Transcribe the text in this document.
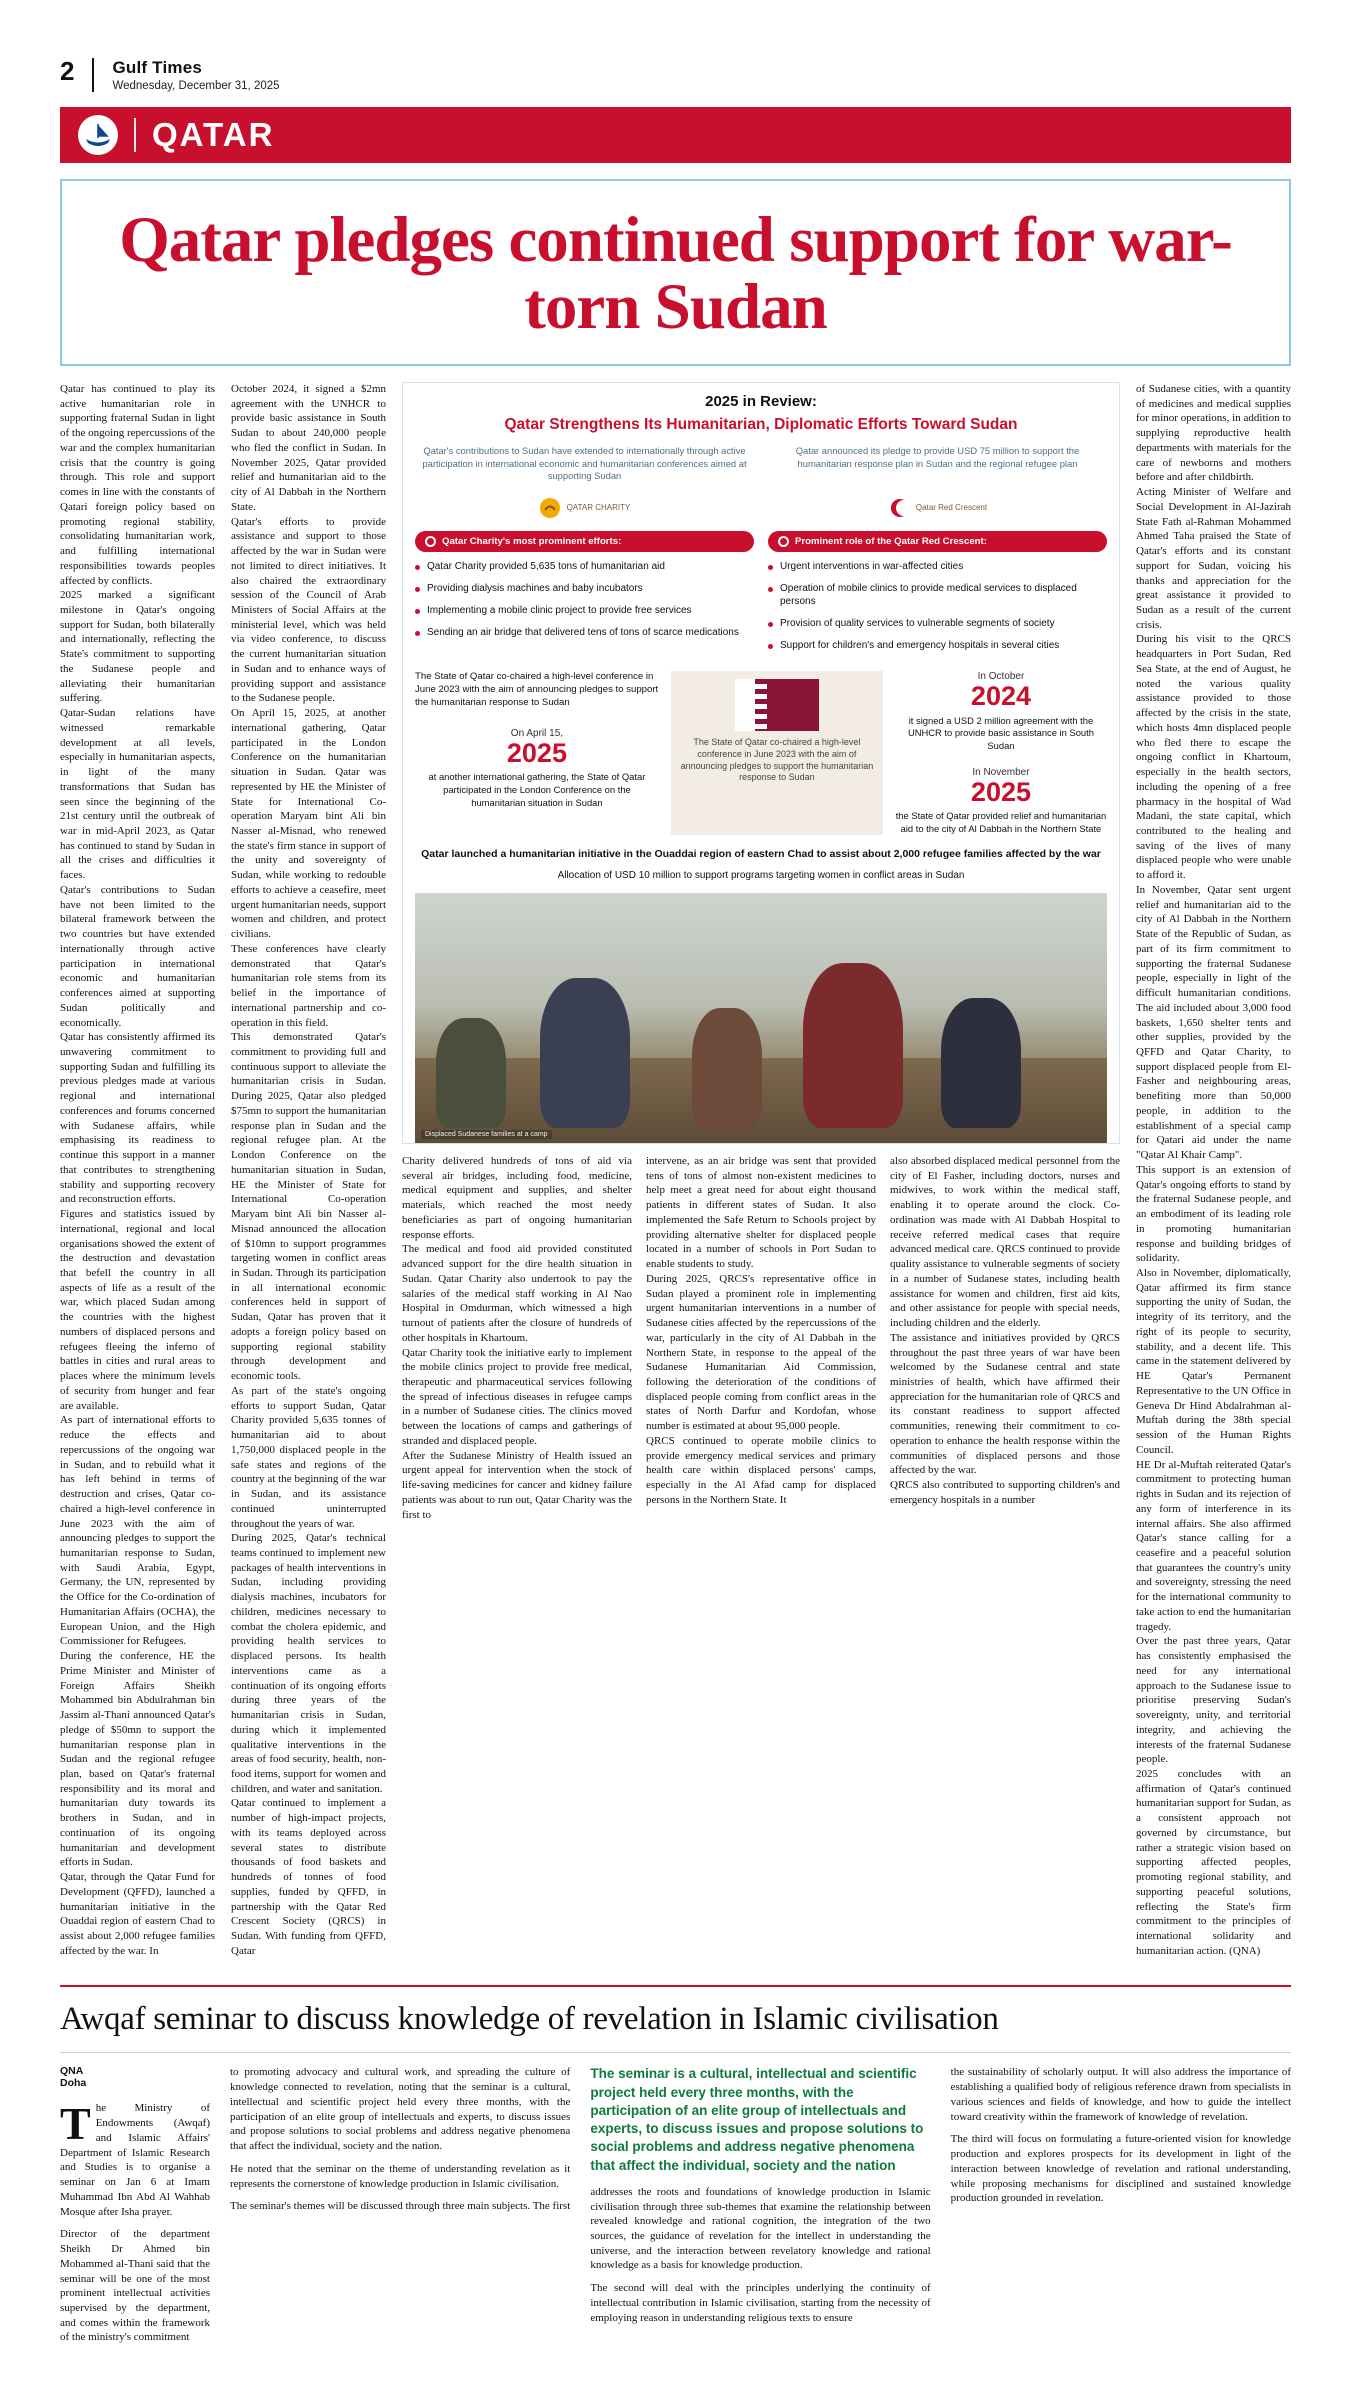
2 Gulf Times
Wednesday, December 31, 2025
QATAR
Qatar pledges continued support for war-torn Sudan

Qatar has continued to play its active humanitarian role in supporting fraternal Sudan in light of the ongoing repercussions of the war and the complex humanitarian crisis that the country is going through. This role and support comes in line with the constants of Qatari foreign policy based on promoting regional stability, consolidating humanitarian work, and fulfilling international responsibilities towards peoples affected by conflicts.

2025 marked a significant milestone in Qatar's ongoing support for Sudan, both bilaterally and internationally, reflecting the State's commitment to supporting the Sudanese people and alleviating their humanitarian suffering.

Qatar-Sudan relations have witnessed remarkable development at all levels, especially in humanitarian aspects, in light of the many transformations that Sudan has seen since the beginning of the 21st century until the outbreak of war in mid-April 2023, as Qatar has continued to stand by Sudan in all the crises and difficulties it faces.

Qatar's contributions to Sudan have not been limited to the bilateral framework between the two countries but have extended internationally through active participation in international economic and humanitarian conferences aimed at supporting Sudan politically and economically.

Qatar has consistently affirmed its unwavering commitment to supporting Sudan and fulfilling its previous pledges made at various regional and international conferences and forums concerned with Sudanese affairs, while emphasising its readiness to continue this support in a manner that contributes to strengthening stability and supporting recovery and reconstruction efforts.

Figures and statistics issued by international, regional and local organisations showed the extent of the destruction and devastation that befell the country in all aspects of life as a result of the war, which placed Sudan among the countries with the highest numbers of displaced persons and refugees fleeing the inferno of battles in cities and rural areas to places where the minimum levels of security from hunger and fear are available.

As part of international efforts to reduce the effects and repercussions of the ongoing war in Sudan, and to rebuild what it has left behind in terms of destruction and crises, Qatar co-chaired a high-level conference in June 2023 with the aim of announcing pledges to support the humanitarian response to Sudan, with Saudi Arabia, Egypt, Germany, the UN, represented by the Office for the Co-ordination of Humanitarian Affairs (OCHA), the European Union, and the High Commissioner for Refugees.

During the conference, HE the Prime Minister and Minister of Foreign Affairs Sheikh Mohammed bin Abdulrahman bin Jassim al-Thani announced Qatar's pledge of $50mn to support the humanitarian response plan in Sudan and the regional refugee plan, based on Qatar's fraternal responsibility and its moral and humanitarian duty towards its brothers in Sudan, and in continuation of its ongoing humanitarian and development efforts in Sudan.

Qatar, through the Qatar Fund for Development (QFFD), launched a humanitarian initiative in the Ouaddai region of eastern Chad to assist about 2,000 refugee families affected by the war. In

October 2024, it signed a $2mn agreement with the UNHCR to provide basic assistance in South Sudan to about 240,000 people who fled the conflict in Sudan. In November 2025, Qatar provided relief and humanitarian aid to the city of Al Dabbah in the Northern State.

Qatar's efforts to provide assistance and support to those affected by the war in Sudan were not limited to direct initiatives. It also chaired the extraordinary session of the Council of Arab Ministers of Social Affairs at the ministerial level, which was held via video conference, to discuss the current humanitarian situation in Sudan and to enhance ways of providing support and assistance to the Sudanese people.

On April 15, 2025, at another international gathering, Qatar participated in the London Conference on the humanitarian situation in Sudan. Qatar was represented by HE the Minister of State for International Co-operation Maryam bint Ali bin Nasser al-Misnad, who renewed the state's firm stance in support of the unity and sovereignty of Sudan, while working to redouble efforts to achieve a ceasefire, meet urgent humanitarian needs, support women and children, and protect civilians.

These conferences have clearly demonstrated that Qatar's humanitarian role stems from its belief in the importance of international partnership and co-operation in this field.

This demonstrated Qatar's commitment to providing full and continuous support to alleviate the humanitarian crisis in Sudan. During 2025, Qatar also pledged $75mn to support the humanitarian response plan in Sudan and the regional refugee plan. At the London Conference on the humanitarian situation in Sudan, HE the Minister of State for International Co-operation Maryam bint Ali bin Nasser al-Misnad announced the allocation of $10mn to support programmes targeting women in conflict areas in Sudan. Through its participation in all international economic conferences held in support of Sudan, Qatar has proven that it adopts a foreign policy based on supporting regional stability through development and economic tools.

As part of the state's ongoing efforts to support Sudan, Qatar Charity provided 5,635 tonnes of humanitarian aid to about 1,750,000 displaced people in the safe states and regions of the country at the beginning of the war in Sudan, and its assistance continued uninterrupted throughout the years of war.

During 2025, Qatar's technical teams continued to implement new packages of health interventions in Sudan, including providing dialysis machines, incubators for children, medicines necessary to combat the cholera epidemic, and providing health services to displaced persons. Its health interventions came as a continuation of its ongoing efforts during three years of the humanitarian crisis in Sudan, during which it implemented qualitative interventions in the areas of food security, health, non-food items, support for women and children, and water and sanitation.

Qatar continued to implement a number of high-impact projects, with its teams deployed across several states to distribute thousands of food baskets and hundreds of tonnes of food supplies, funded by QFFD, in partnership with the Qatar Red Crescent Society (QRCS) in Sudan. With funding from QFFD, Qatar

2025 in Review:
Qatar Strengthens Its Humanitarian, Diplomatic Efforts Toward Sudan
Qatar's contributions to Sudan have extended to internationally through active participation in international economic and humanitarian conferences aimed at supporting Sudan
Qatar announced its pledge to provide USD 75 million to support the humanitarian response plan in Sudan and the regional refugee plan
QATAR CHARITY	Qatar Red Crescent
Qatar Charity's most prominent efforts:	Prominent role of the Qatar Red Crescent:
Qatar Charity provided 5,635 tons of humanitarian aid
Providing dialysis machines and baby incubators
Implementing a mobile clinic project to provide free services
Sending an air bridge that delivered tens of tons of scarce medications
Urgent interventions in war-affected cities
Operation of mobile clinics to provide medical services to displaced persons
Provision of quality services to vulnerable segments of society
Support for children's and emergency hospitals in several cities
The State of Qatar co-chaired a high-level conference in June 2023 with the aim of announcing pledges to support the humanitarian response to Sudan
On April 15,
2025
at another international gathering, the State of Qatar participated in the London Conference on the humanitarian situation in Sudan
The State of Qatar co-chaired a high-level conference in June 2023 with the aim of announcing pledges to support the humanitarian response to Sudan
In October
2024
it signed a USD 2 million agreement with the UNHCR to provide basic assistance in South Sudan
In November
2025
the State of Qatar provided relief and humanitarian aid to the city of Al Dabbah in the Northern State
Qatar launched a humanitarian initiative in the Ouaddai region of eastern Chad to assist about 2,000 refugee families affected by the war
Allocation of USD 10 million to support programs targeting women in conflict areas in Sudan
Displaced Sudanese families at a camp

Charity delivered hundreds of tons of aid via several air bridges, including food, medicine, medical equipment and supplies, and shelter materials, which reached the most needy beneficiaries as part of ongoing humanitarian response efforts.

The medical and food aid provided constituted advanced support for the dire health situation in Sudan. Qatar Charity also undertook to pay the salaries of the medical staff working in Al Nao Hospital in Omdurman, which witnessed a high turnout of patients after the closure of hundreds of other hospitals in Khartoum.

Qatar Charity took the initiative early to implement the mobile clinics project to provide free medical, therapeutic and pharmaceutical services following the spread of infectious diseases in refugee camps in a number of Sudanese cities. The clinics moved between the locations of camps and gatherings of stranded and displaced people.

After the Sudanese Ministry of Health issued an urgent appeal for intervention when the stock of life-saving medicines for cancer and kidney failure patients was about to run out, Qatar Charity was the first to

intervene, as an air bridge was sent that provided tens of tons of almost non-existent medicines to help meet a great need for about eight thousand patients in different states of Sudan. It also implemented the Safe Return to Schools project by providing alternative shelter for displaced people located in a number of schools in Port Sudan to enable students to study.

During 2025, QRCS's representative office in Sudan played a prominent role in implementing urgent humanitarian interventions in a number of Sudanese cities affected by the repercussions of the war, particularly in the city of Al Dabbah in the Northern State, in response to the appeal of the Sudanese Humanitarian Aid Commission, following the deterioration of the conditions of displaced people coming from conflict areas in the states of North Darfur and Kordofan, whose number is estimated at about 95,000 people.

QRCS continued to operate mobile clinics to provide emergency medical services and primary health care within displaced persons' camps, especially in the Al Afad camp for displaced persons in the Northern State. It

also absorbed displaced medical personnel from the city of El Fasher, including doctors, nurses and midwives, to work within the medical staff, enabling it to operate around the clock. Co-ordination was made with Al Dabbah Hospital to receive referred medical cases that require advanced medical care. QRCS continued to provide quality assistance to vulnerable segments of society in a number of Sudanese states, including health assistance for women and children, first aid kits, and other assistance for people with special needs, including children and the elderly.

The assistance and initiatives provided by QRCS throughout the past three years of war have been welcomed by the Sudanese central and state ministries of health, which have affirmed their appreciation for the humanitarian role of QRCS and its constant readiness to support affected communities, renewing their commitment to co-operation to enhance the health response within the communities of displaced persons and those affected by the war.

QRCS also contributed to supporting children's and emergency hospitals in a number

of Sudanese cities, with a quantity of medicines and medical supplies for minor operations, in addition to supplying reproductive health departments with materials for the care of newborns and mothers before and after childbirth.

Acting Minister of Welfare and Social Development in Al-Jazirah State Fath al-Rahman Mohammed Ahmed Taha praised the State of Qatar's efforts and its constant support for Sudan, voicing his thanks and appreciation for the great assistance it provided to Sudan as a result of the current crisis.

During his visit to the QRCS headquarters in Port Sudan, Red Sea State, at the end of August, he noted the various quality assistance provided to those affected by the crisis in the state, which hosts 4mn displaced people who fled there to escape the ongoing conflict in Khartoum, especially in the health sectors, including the opening of a free pharmacy in the hospital of Wad Madani, the state capital, which contributed to the healing and saving of the lives of many displaced people who were unable to afford it.

In November, Qatar sent urgent relief and humanitarian aid to the city of Al Dabbah in the Northern State of the Republic of Sudan, as part of its firm commitment to supporting the fraternal Sudanese people, especially in light of the difficult humanitarian conditions. The aid included about 3,000 food baskets, 1,650 shelter tents and other supplies, provided by the QFFD and Qatar Charity, to support displaced people from El-Fasher and neighbouring areas, benefiting more than 50,000 people, in addition to the establishment of a special camp for Qatari aid under the name "Qatar Al Khair Camp".

This support is an extension of Qatar's ongoing efforts to stand by the fraternal Sudanese people, and an embodiment of its leading role in promoting humanitarian response and building bridges of solidarity.

Also in November, diplomatically, Qatar affirmed its firm stance supporting the unity of Sudan, the integrity of its territory, and the right of its people to security, stability, and a decent life. This came in the statement delivered by HE Qatar's Permanent Representative to the UN Office in Geneva Dr Hind Abdalrahman al-Muftah during the 38th special session of the Human Rights Council.

HE Dr al-Muftah reiterated Qatar's commitment to protecting human rights in Sudan and its rejection of any form of interference in its internal affairs. She also affirmed Qatar's stance calling for a ceasefire and a peaceful solution that guarantees the country's unity and sovereignty, stressing the need for the international community to take action to end the humanitarian tragedy.

Over the past three years, Qatar has consistently emphasised the need for any international approach to the Sudanese issue to prioritise preserving Sudan's sovereignty, unity, and territorial integrity, and achieving the interests of the fraternal Sudanese people.

2025 concludes with an affirmation of Qatar's continued humanitarian support for Sudan, as a consistent approach not governed by circumstance, but rather a strategic vision based on supporting affected peoples, promoting regional stability, and supporting peaceful solutions, reflecting the State's firm commitment to the principles of international solidarity and humanitarian action. (QNA)

Awqaf seminar to discuss knowledge of revelation in Islamic civilisation
QNA
Doha

The Ministry of Endowments (Awqaf) and Islamic Affairs' Department of Islamic Research and Studies is to organise a seminar on Jan 6 at Imam Muhammad Ibn Abd Al Wahhab Mosque after Isha prayer.

Director of the department Sheikh Dr Ahmed bin Mohammed al-Thani said that the seminar will be one of the most prominent intellectual activities supervised by the department, and comes within the framework of the ministry's commitment

to promoting advocacy and cultural work, and spreading the culture of knowledge connected to revelation, noting that the seminar is a cultural, intellectual and scientific project held every three months, with the participation of an elite group of intellectuals and experts, to discuss issues and propose solutions to social problems and address negative phenomena that affect the individual, society and the nation.

He noted that the seminar on the theme of understanding revelation as it represents the cornerstone of knowledge production in Islamic civilisation.

The seminar's themes will be discussed through three main subjects. The first

The seminar is a cultural, intellectual and scientific project held every three months, with the participation of an elite group of intellectuals and experts, to discuss issues and propose solutions to social problems and address negative phenomena that affect the individual, society and the nation

addresses the roots and foundations of knowledge production in Islamic civilisation through three sub-themes that examine the relationship between revealed knowledge and rational cognition, the integration of the two sources, the guidance of revelation for the intellect in understanding the universe, and the interaction between revelatory knowledge and rational knowledge as a basis for knowledge production.

The second will deal with the principles underlying the continuity of intellectual contribution in Islamic civilisation, starting from the necessity of employing reason in understanding religious texts to ensure

the sustainability of scholarly output. It will also address the importance of establishing a qualified body of religious reference drawn from specialists in various sciences and fields of knowledge, and how to guide the intellect toward creativity within the framework of knowledge of revelation.

The third will focus on formulating a future-oriented vision for knowledge production and explores prospects for its development in light of the interaction between knowledge of revelation and rational understanding, while proposing mechanisms for disciplined and sustained knowledge production grounded in revelation.
